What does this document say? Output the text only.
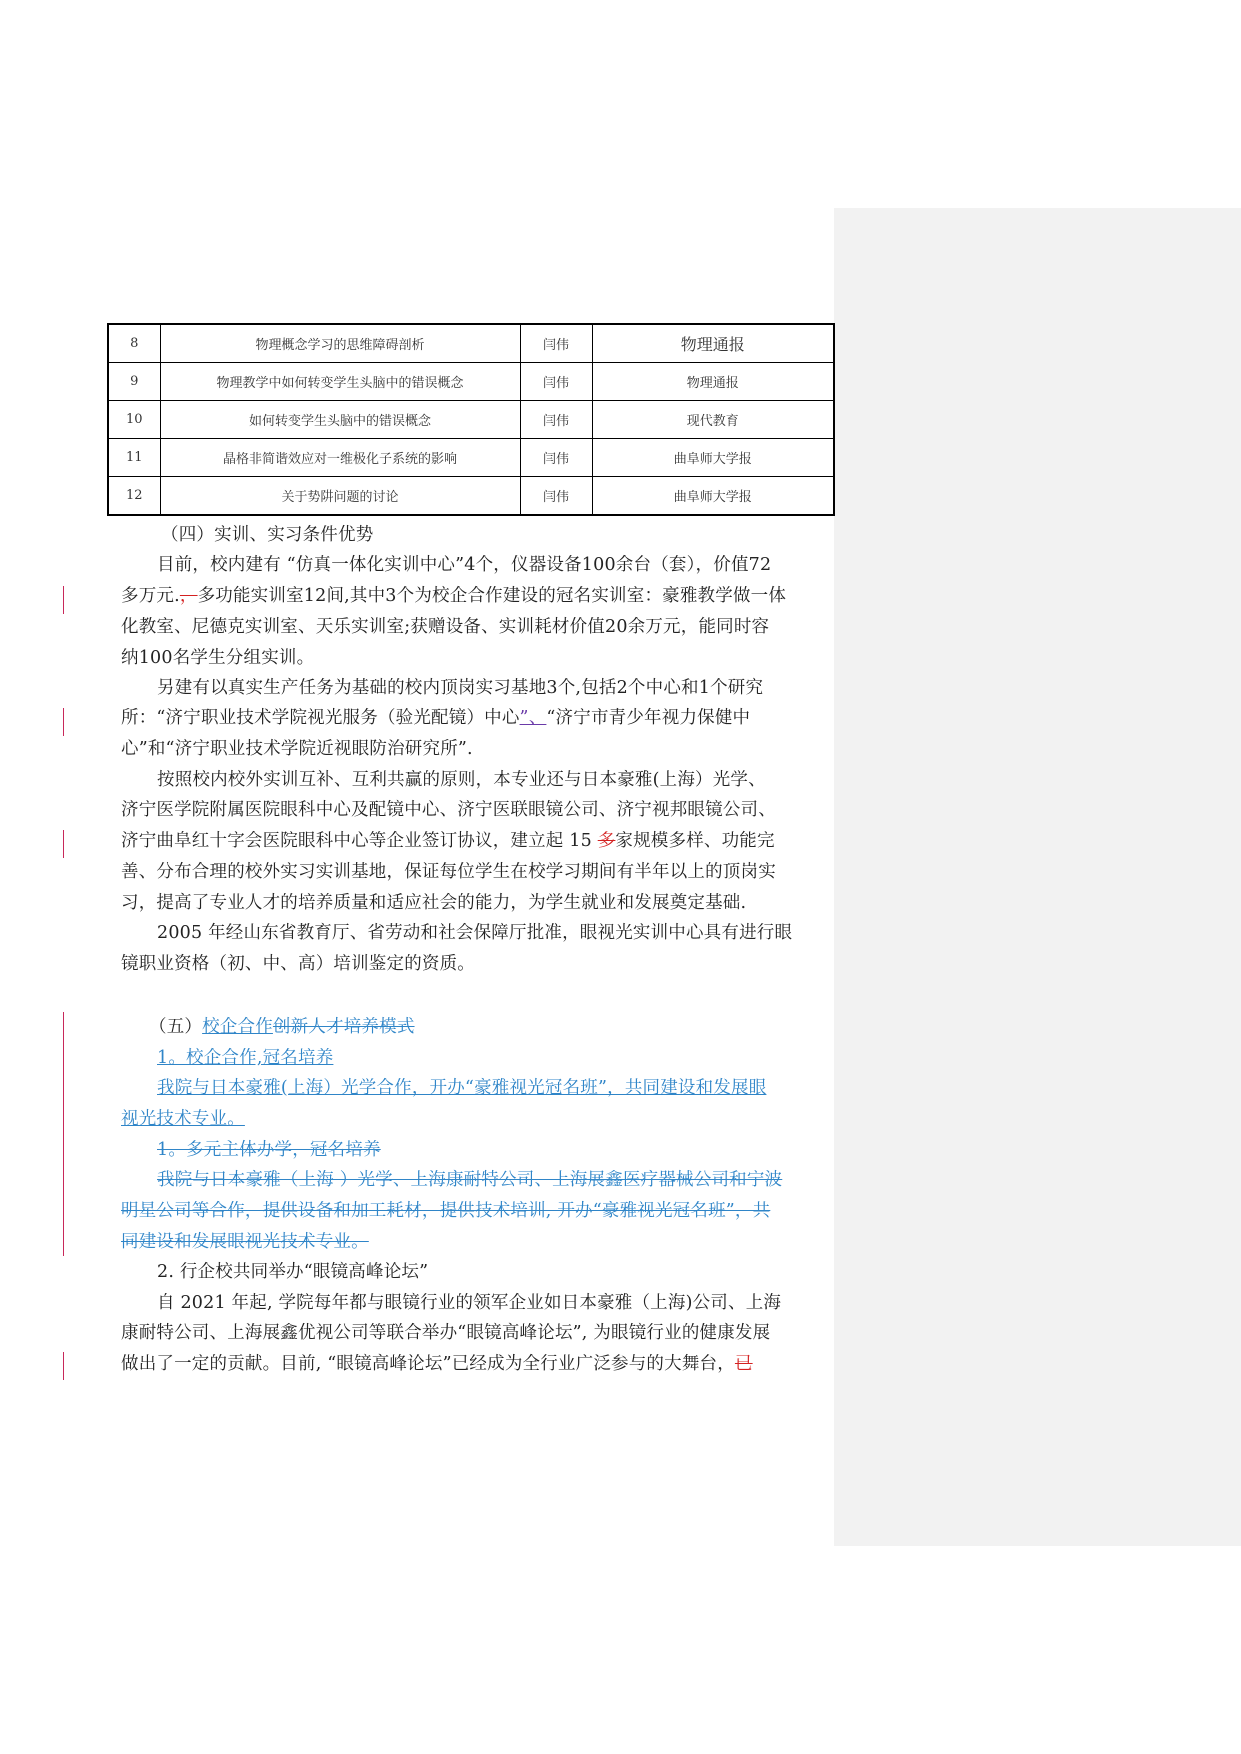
8	物理概念学习的思维障碍剖析	闫伟	物理通报
9	物理教学中如何转变学生头脑中的错误概念	闫伟	物理通报
10	如何转变学生头脑中的错误概念	闫伟	现代教育
11	晶格非简谐效应对一维极化子系统的影响	闫伟	曲阜师大学报
12	关于势阱问题的讨论	闫伟	曲阜师大学报
（四）实训、实习条件优势
目前，校内建有 “仿真一体化实训中心”4个，仪器设备100余台（套），价值72
多万元.，多功能实训室12间,其中3个为校企合作建设的冠名实训室：豪雅教学做一体
化教室、尼德克实训室、天乐实训室;获赠设备、实训耗材价值20余万元，能同时容
纳100名学生分组实训。
另建有以真实生产任务为基础的校内顶岗实习基地3个,包括2个中心和1个研究
所：“济宁职业技术学院视光服务（验光配镜）中心”、“济宁市青少年视力保健中
心”和“济宁职业技术学院近视眼防治研究所”.
按照校内校外实训互补、互利共赢的原则，本专业还与日本豪雅(上海）光学、
济宁医学院附属医院眼科中心及配镜中心、济宁医联眼镜公司、济宁视邦眼镜公司、
济宁曲阜红十字会医院眼科中心等企业签订协议，建立起 15 多家规模多样、功能完
善、分布合理的校外实习实训基地，保证每位学生在校学习期间有半年以上的顶岗实
习，提高了专业人才的培养质量和适应社会的能力，为学生就业和发展奠定基础.
2005 年经山东省教育厅、省劳动和社会保障厅批准，眼视光实训中心具有进行眼
镜职业资格（初、中、高）培训鉴定的资质。
（五）校企合作创新人才培养模式
1。校企合作,冠名培养
我院与日本豪雅(上海）光学合作，开办“豪雅视光冠名班”，共同建设和发展眼
视光技术专业。
1。多元主体办学，冠名培养
我院与日本豪雅（上海 ）光学、上海康耐特公司、上海展鑫医疗器械公司和宁波
明星公司等合作，提供设备和加工耗材，提供技术培训, 开办“豪雅视光冠名班”，共
同建设和发展眼视光技术专业。
2. 行企校共同举办“眼镜高峰论坛”
自 2021 年起, 学院每年都与眼镜行业的领军企业如日本豪雅（上海)公司、上海
康耐特公司、上海展鑫优视公司等联合举办“眼镜高峰论坛”, 为眼镜行业的健康发展
做出了一定的贡献。目前, “眼镜高峰论坛”已经成为全行业广泛参与的大舞台，已
